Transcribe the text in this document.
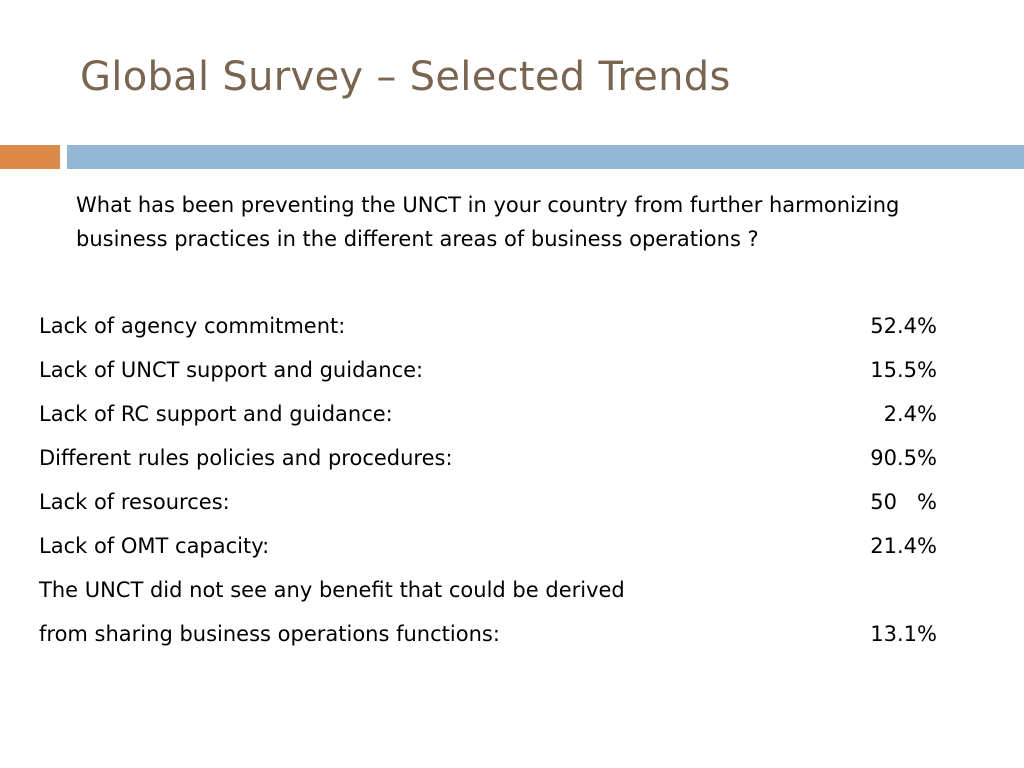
Global Survey – Selected Trends

What has been preventing the UNCT in your country from further harmonizing business practices in the different areas of business operations ?

Lack of agency commitment:	52.4%
Lack of UNCT support and guidance:	15.5%
Lack of RC support and guidance:	2.4%
Different rules policies and procedures:	90.5%
Lack of resources:	50   %
Lack of OMT capacity:	21.4%
The UNCT did not see any benefit that could be derived
from sharing business operations functions:	13.1%
